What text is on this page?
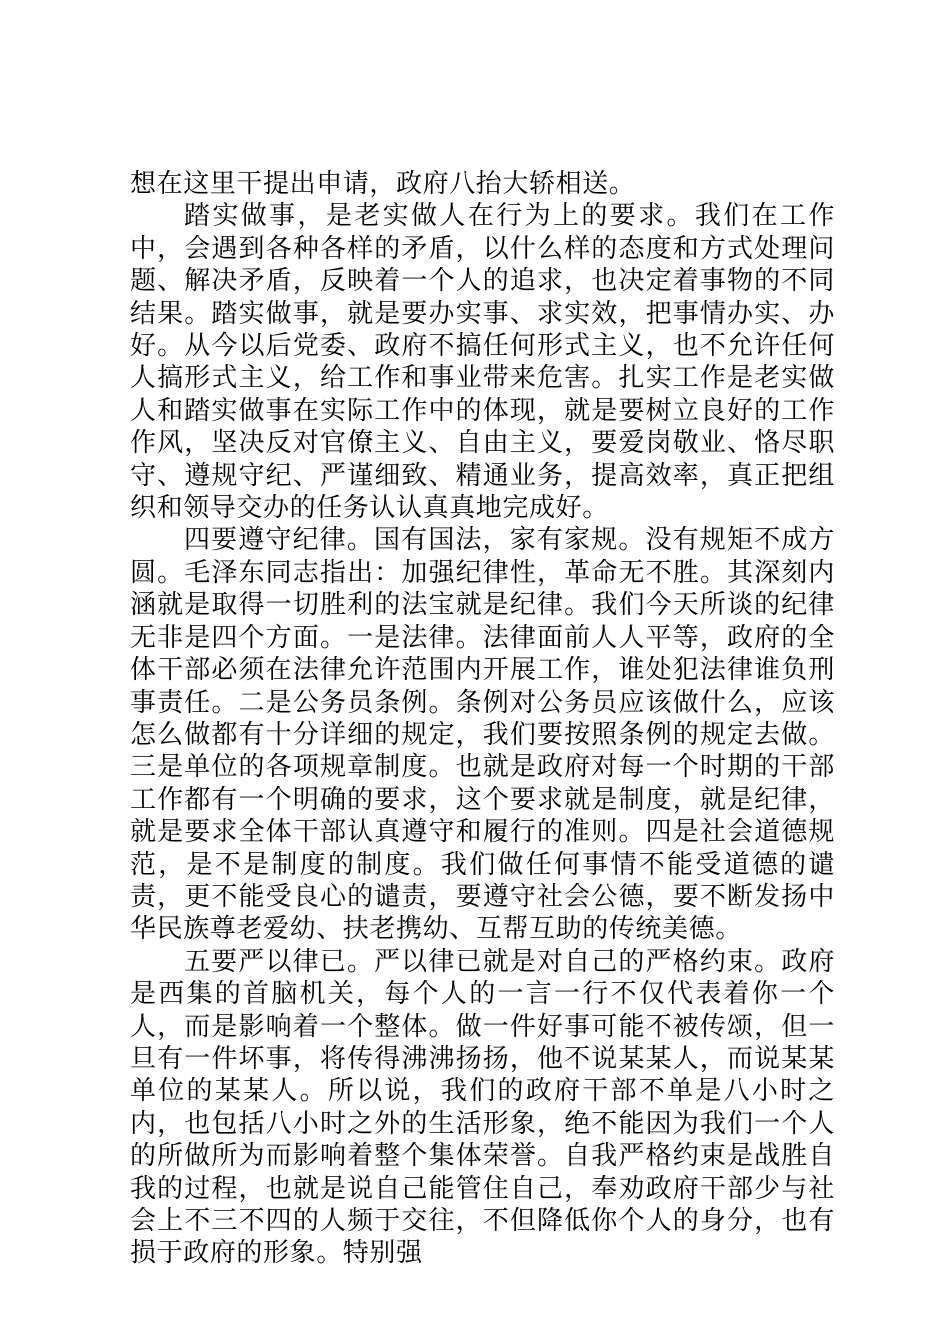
想在这里干提出申请，政府八抬大轿相送。

踏实做事，是老实做人在行为上的要求。我们在工作中，会遇到各种各样的矛盾，以什么样的态度和方式处理问题、解决矛盾，反映着一个人的追求，也决定着事物的不同结果。踏实做事，就是要办实事、求实效，把事情办实、办好。从今以后党委、政府不搞任何形式主义，也不允许任何人搞形式主义，给工作和事业带来危害。扎实工作是老实做人和踏实做事在实际工作中的体现，就是要树立良好的工作作风，坚决反对官僚主义、自由主义，要爱岗敬业、恪尽职守、遵规守纪、严谨细致、精通业务，提高效率，真正把组织和领导交办的任务认认真真地完成好。

四要遵守纪律。国有国法，家有家规。没有规矩不成方圆。毛泽东同志指出：加强纪律性，革命无不胜。其深刻内涵就是取得一切胜利的法宝就是纪律。我们今天所谈的纪律无非是四个方面。一是法律。法律面前人人平等，政府的全体干部必须在法律允许范围内开展工作，谁处犯法律谁负刑事责任。二是公务员条例。条例对公务员应该做什么，应该怎么做都有十分详细的规定，我们要按照条例的规定去做。三是单位的各项规章制度。也就是政府对每一个时期的干部工作都有一个明确的要求，这个要求就是制度，就是纪律，就是要求全体干部认真遵守和履行的准则。四是社会道德规范，是不是制度的制度。我们做任何事情不能受道德的谴责，更不能受良心的谴责，要遵守社会公德，要不断发扬中华民族尊老爱幼、扶老携幼、互帮互助的传统美德。

五要严以律已。严以律已就是对自己的严格约束。政府是西集的首脑机关，每个人的一言一行不仅代表着你一个人，而是影响着一个整体。做一件好事可能不被传颂，但一旦有一件坏事，将传得沸沸扬扬，他不说某某人，而说某某单位的某某人。所以说，我们的政府干部不单是八小时之内，也包括八小时之外的生活形象，绝不能因为我们一个人的所做所为而影响着整个集体荣誉。自我严格约束是战胜自我的过程，也就是说自己能管住自己，奉劝政府干部少与社会上不三不四的人频于交往，不但降低你个人的身分，也有损于政府的形象。特别强
